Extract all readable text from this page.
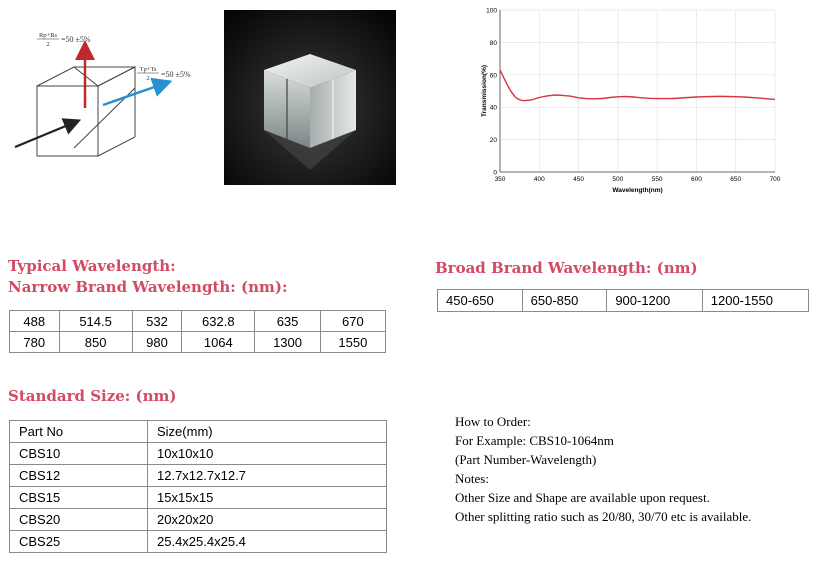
Rp+Rs
2
=50 ±5%
Tp+Ts
2 =50 ±5%	Transmission(%)
Wavelength(nm)
350	400	450	500	550	600	650	700
0
20
40
60
80
100
Typical Wavelength:
Narrow Brand Wavelength: (nm):
Broad Brand Wavelength: (nm)
Standard Size: (nm)
488	514.5	532	632.8	635	670
780	850	980	1064	1300	1550
450-650	650-850	900-1200	1200-1550
Part No	Size(mm)
CBS10	10x10x10
CBS12	12.7x12.7x12.7
CBS15	15x15x15
CBS20	20x20x20
CBS25	25.4x25.4x25.4
How to Order:
For Example: CBS10-1064nm
(Part Number-Wavelength)
Notes:
Other Size and Shape are available upon request.
Other splitting ratio such as 20/80, 30/70 etc is available.
